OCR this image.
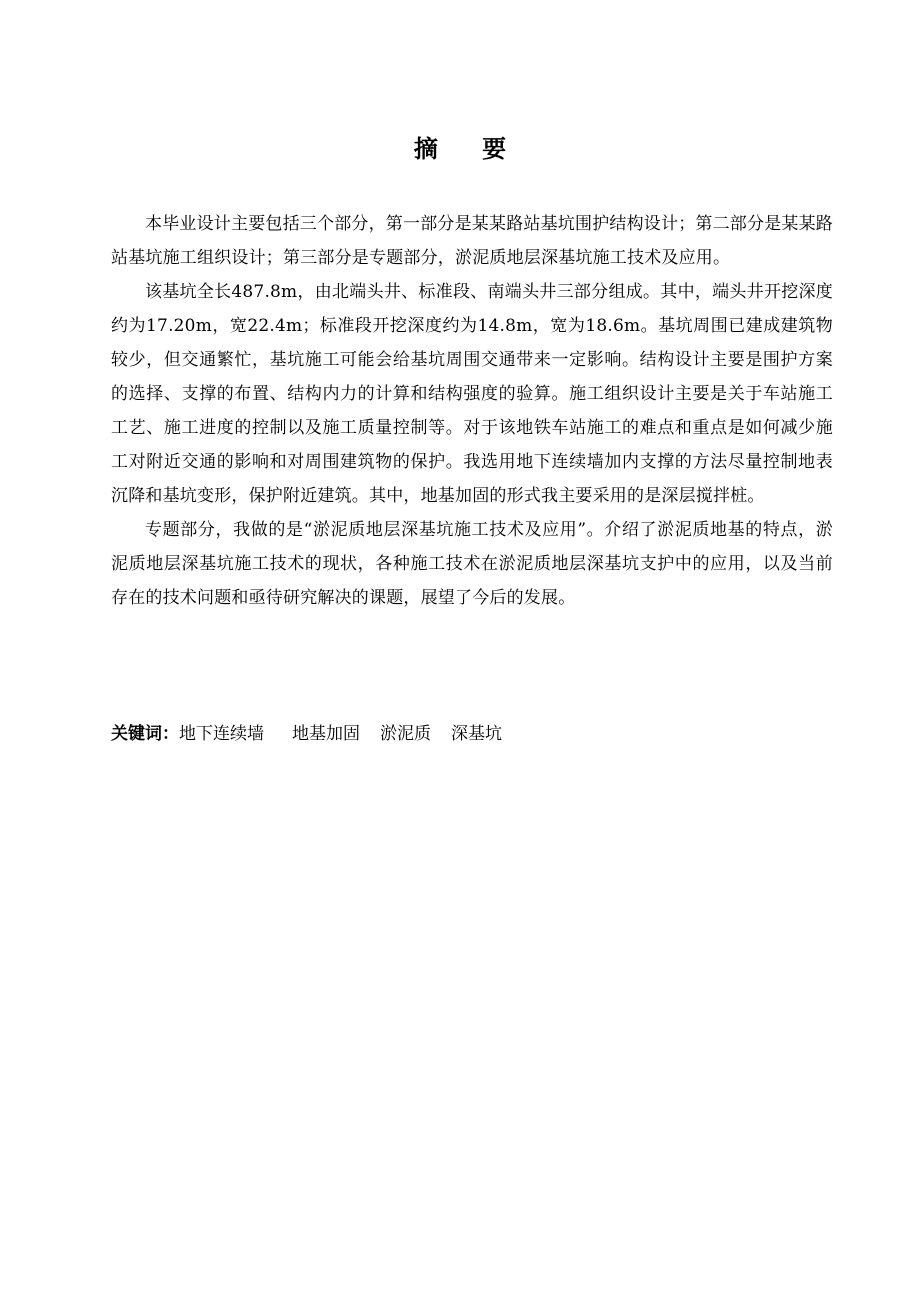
摘 要

本毕业设计主要包括三个部分，第一部分是某某路站基坑围护结构设计；第二部分是某某路站基坑施工组织设计；第三部分是专题部分，淤泥质地层深基坑施工技术及应用。

该基坑全长487.8m，由北端头井、标准段、南端头井三部分组成。其中，端头井开挖深度约为17.20m，宽22.4m；标准段开挖深度约为14.8m，宽为18.6m。基坑周围已建成建筑物较少，但交通繁忙，基坑施工可能会给基坑周围交通带来一定影响。结构设计主要是围护方案的选择、支撑的布置、结构内力的计算和结构强度的验算。施工组织设计主要是关于车站施工工艺、施工进度的控制以及施工质量控制等。对于该地铁车站施工的难点和重点是如何减少施工对附近交通的影响和对周围建筑物的保护。我选用地下连续墙加内支撑的方法尽量控制地表沉降和基坑变形，保护附近建筑。其中，地基加固的形式我主要采用的是深层搅拌桩。

专题部分，我做的是“淤泥质地层深基坑施工技术及应用”。介绍了淤泥质地基的特点，淤泥质地层深基坑施工技术的现状，各种施工技术在淤泥质地层深基坑支护中的应用，以及当前存在的技术问题和亟待研究解决的课题，展望了今后的发展。

关键词：地下连续墙 地基加固 淤泥质 深基坑
